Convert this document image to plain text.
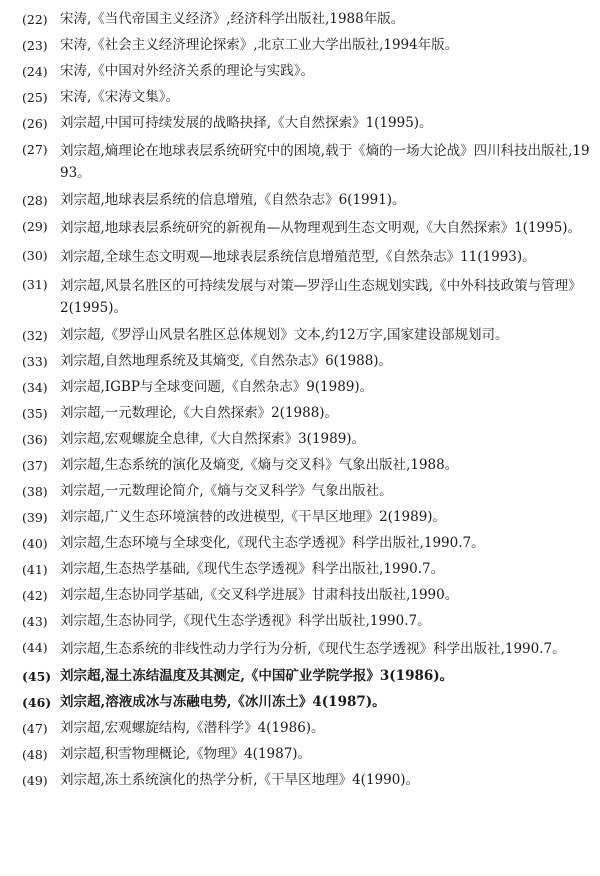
(22) 宋涛,《当代帝国主义经济》,经济科学出版社,1988年版。
(23) 宋涛,《社会主义经济理论探索》,北京工业大学出版社,1994年版。
(24) 宋涛,《中国对外经济关系的理论与实践》。
(25) 宋涛,《宋涛文集》。
(26) 刘宗超,中国可持续发展的战略抉择,《大自然探索》1(1995)。
(27) 刘宗超,熵理论在地球表层系统研究中的困境,载于《熵的一场大论战》四川科技出版社,1993。
(28) 刘宗超,地球表层系统的信息增殖,《自然杂志》6(1991)。
(29) 刘宗超,地球表层系统研究的新视角—从物理观到生态文明观,《大自然探索》1(1995)。
(30) 刘宗超,全球生态文明观—地球表层系统信息增殖范型,《自然杂志》11(1993)。
(31) 刘宗超,风景名胜区的可持续发展与对策—罗浮山生态规划实践,《中外科技政策与管理》2(1995)。
(32) 刘宗超,《罗浮山风景名胜区总体规划》文本,约12万字,国家建设部规划司。
(33) 刘宗超,自然地理系统及其熵变,《自然杂志》6(1988)。
(34) 刘宗超,IGBP与全球变问题,《自然杂志》9(1989)。
(35) 刘宗超,一元数理论,《大自然探索》2(1988)。
(36) 刘宗超,宏观螺旋全息律,《大自然探索》3(1989)。
(37) 刘宗超,生态系统的演化及熵变,《熵与交叉科》气象出版社,1988。
(38) 刘宗超,一元数理论简介,《熵与交叉科学》气象出版社。
(39) 刘宗超,广义生态环境演替的改进模型,《干旱区地理》2(1989)。
(40) 刘宗超,生态环境与全球变化,《现代主态学透视》科学出版社,1990.7。
(41) 刘宗超,生态热学基础,《现代生态学透视》科学出版社,1990.7。
(42) 刘宗超,生态协同学基础,《交叉科学进展》甘肃科技出版社,1990。
(43) 刘宗超,生态协同学,《现代生态学透视》科学出版社,1990.7。
(44) 刘宗超,生态系统的非线性动力学行为分析,《现代生态学透视》科学出版社,1990.7。
(45) 刘宗超,湿土冻结温度及其测定,《中国矿业学院学报》3(1986)。
(46) 刘宗超,溶液成冰与冻融电势,《冰川冻土》4(1987)。
(47) 刘宗超,宏观螺旋结构,《潜科学》4(1986)。
(48) 刘宗超,积雪物理概论,《物理》4(1987)。
(49) 刘宗超,冻土系统演化的热学分析,《干旱区地理》4(1990)。
